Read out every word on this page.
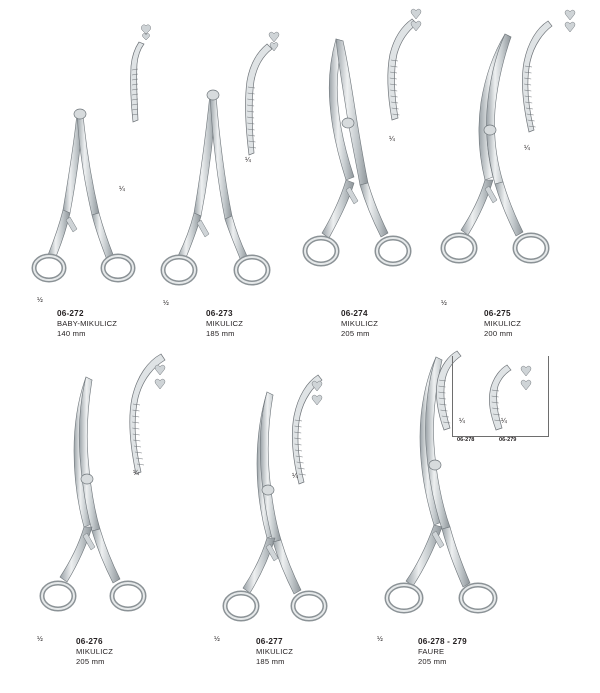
¼
½
06-272
BABY-MIKULICZ
140 mm
¼
½
06-273
MIKULICZ
185 mm
¼
06-274
MIKULICZ
205 mm
¼
½
06-275
MIKULICZ
200 mm
¼
½	06-276
MIKULICZ
205 mm
¼
½	06-277
MIKULICZ
185 mm
¼	¼
06-278	06-279
½	06-278 - 279
FAURE
205 mm
